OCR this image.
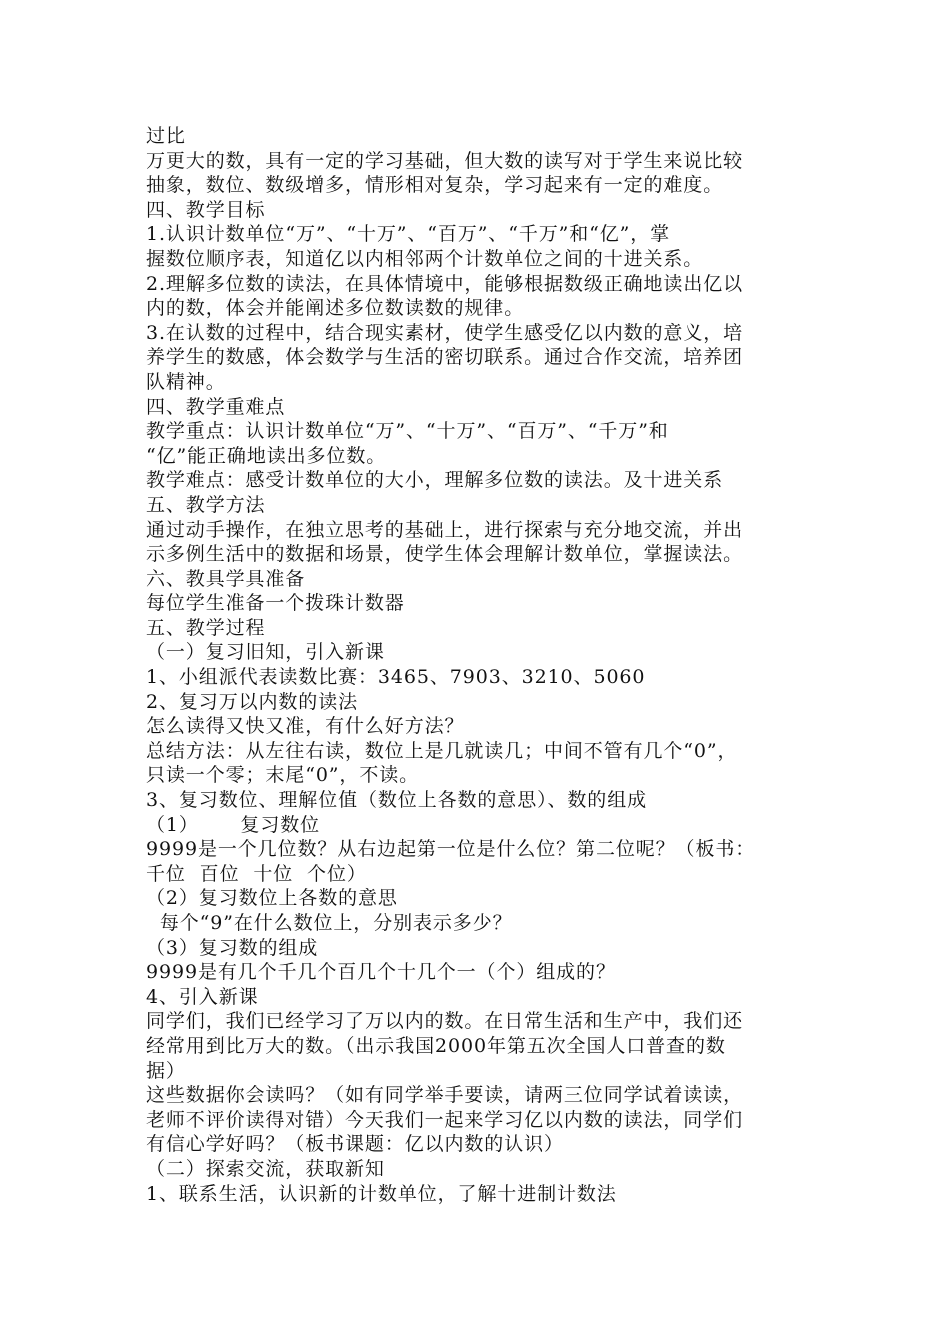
过比
万更大的数，具有一定的学习基础，但大数的读写对于学生来说比较
抽象，数位、数级增多，情形相对复杂，学习起来有一定的难度。
四、教学目标
1.认识计数单位“万”、“十万”、“百万”、“千万”和“亿”，掌
握数位顺序表，知道亿以内相邻两个计数单位之间的十进关系。
2.理解多位数的读法，在具体情境中，能够根据数级正确地读出亿以
内的数，体会并能阐述多位数读数的规律。
3.在认数的过程中，结合现实素材，使学生感受亿以内数的意义，培
养学生的数感，体会数学与生活的密切联系。通过合作交流，培养团
队精神。
四、教学重难点
教学重点：认识计数单位“万”、“十万”、“百万”、“千万”和
“亿”能正确地读出多位数。
教学难点：感受计数单位的大小，理解多位数的读法。及十进关系
五、教学方法
通过动手操作，在独立思考的基础上，进行探索与充分地交流，并出
示多例生活中的数据和场景，使学生体会理解计数单位，掌握读法。
六、教具学具准备
每位学生准备一个拨珠计数器
五、教学过程
（一）复习旧知，引入新课
1、小组派代表读数比赛：3465、7903、3210、5060
2、复习万以内数的读法
怎么读得又快又准，有什么好方法？
总结方法：从左往右读，数位上是几就读几；中间不管有几个“0”，
只读一个零；末尾“0”，不读。
3、复习数位、理解位值（数位上各数的意思）、数的组成
（1）      复习数位
9999是一个几位数？从右边起第一位是什么位？第二位呢？（板书：
千位  百位  十位  个位）
（2）复习数位上各数的意思
每个“9”在什么数位上，分别表示多少？
（3）复习数的组成
9999是有几个千几个百几个十几个一（个）组成的？
4、引入新课
同学们，我们已经学习了万以内的数。在日常生活和生产中，我们还
经常用到比万大的数。（出示我国2000年第五次全国人口普查的数
据）
这些数据你会读吗？（如有同学举手要读，请两三位同学试着读读，
老师不评价读得对错）今天我们一起来学习亿以内数的读法，同学们
有信心学好吗？（板书课题：亿以内数的认识）
（二）探索交流，获取新知
1、联系生活，认识新的计数单位，了解十进制计数法
